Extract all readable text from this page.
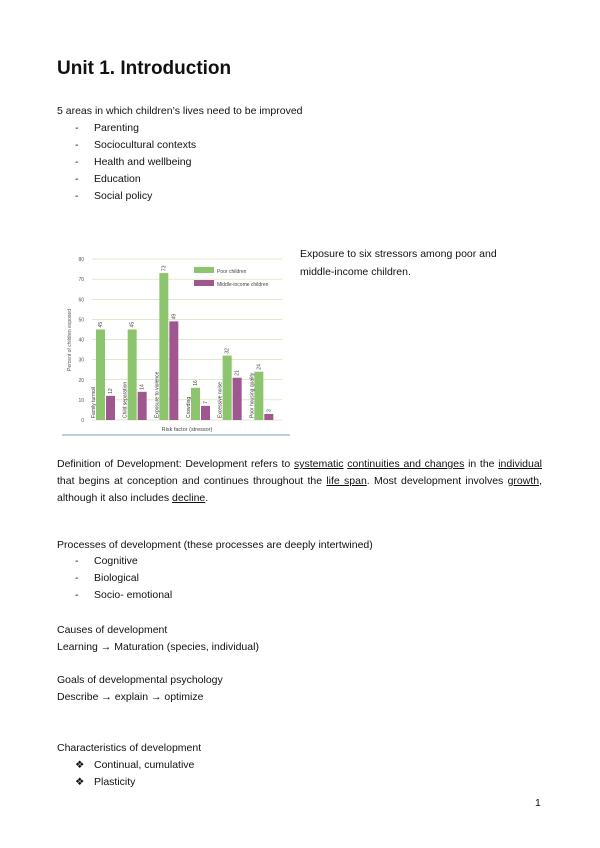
Unit 1. Introduction
5 areas in which children’s lives need to be improved
- Parenting
- Sociocultural contexts
- Health and wellbeing
- Education
- Social policy
0
10
20
30
40
50
60
70
80
Percent of children exposed
Risk factor (stressor)
45
12
Family turmoil
45
14
Child separation
73
49
Exposure to violence	16
7
Crowding
32
21
Excessive noise
24
3
Poor housing quality
Poor children
Middle-income children
Exposure to six stressors among poor and
middle-income children.
Definition of Development: Development refers to systematic continuities and changes in the individual that begins at conception and continues throughout the life span. Most development involves growth, although it also includes decline.
Processes of development (these processes are deeply intertwined)
- Cognitive
- Biological
- Socio- emotional
Causes of development
Learning → Maturation (species, individual)
Goals of developmental psychology
Describe → explain → optimize
Characteristics of development
❖ Continual, cumulative
❖ Plasticity
1
